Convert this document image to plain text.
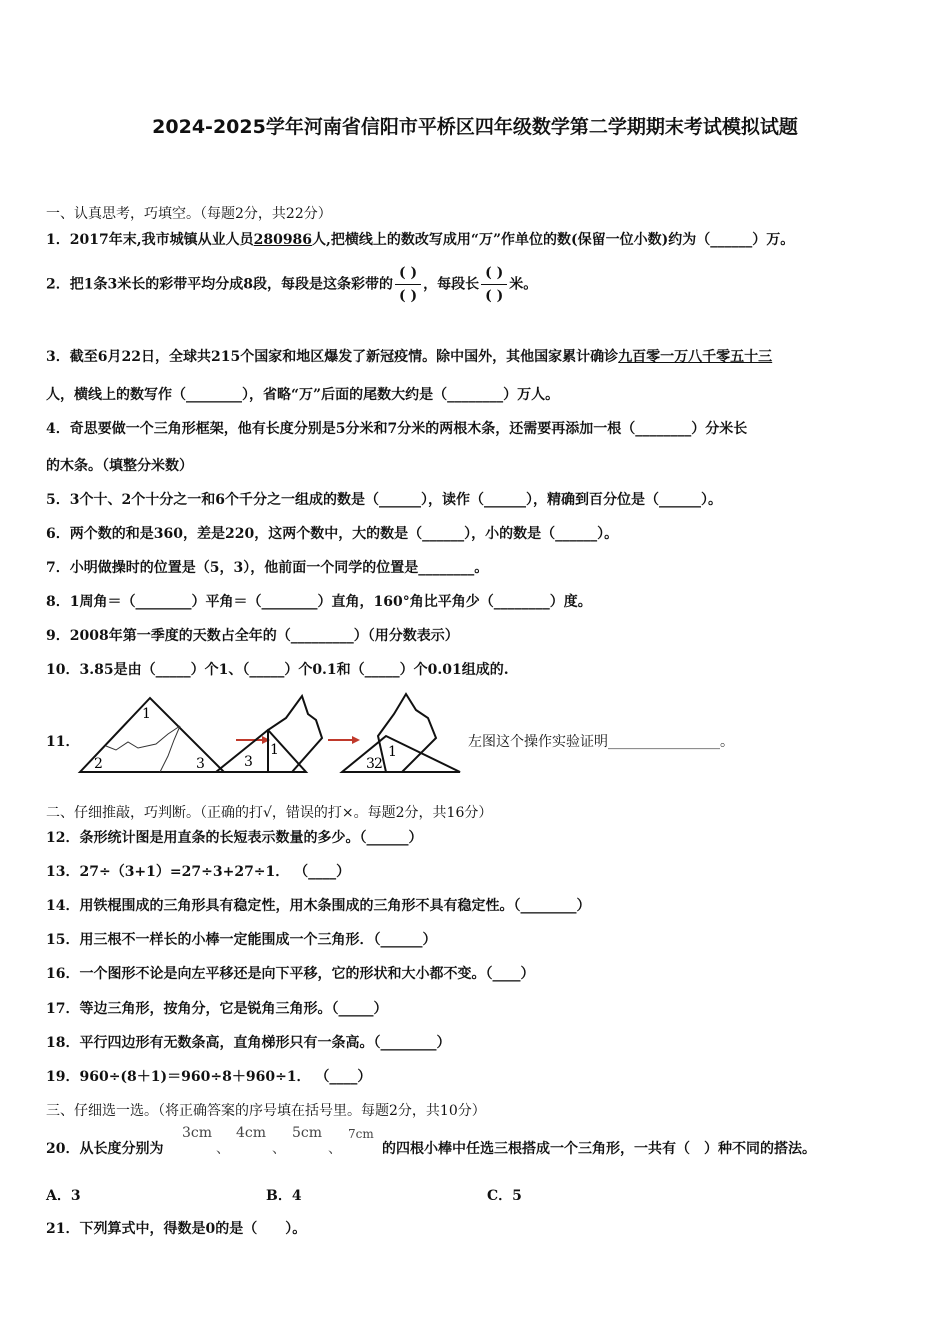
2024-2025学年河南省信阳市平桥区四年级数学第二学期期末考试模拟试题
一、认真思考，巧填空。（每题2分，共22分）
1．2017年末,我市城镇从业人员280986人,把横线上的数改写成用“万”作单位的数(保留一位小数)约为（______）万。
2．把1条3米长的彩带平均分成8段，每段是这条彩带的 $\frac{( )}{( )}$ ，每段长 $\frac{( )}{( )}$ 米。
3．截至6月22日，全球共215个国家和地区爆发了新冠疫情。除中国外，其他国家累计确诊九百零一万八千零五十三
人，横线上的数写作（________），省略“万”后面的尾数大约是（________）万人。
4．奇思要做一个三角形框架，他有长度分别是5分米和7分米的两根木条，还需要再添加一根（________）分米长
的木条。（填整分米数）
5．3个十、2个十分之一和6个千分之一组成的数是（______），读作（______），精确到百分位是（______）。
6．两个数的和是360，差是220，这两个数中，大的数是（______），小的数是（______）。
7．小明做操时的位置是（5，3），他前面一个同学的位置是________。
8．1周角＝（________）平角＝（________）直角，160°角比平角少（________）度。
9．2008年第一季度的天数占全年的（_________）（用分数表示）
10．3.85是由（_____）个1、（_____）个0.1和（_____）个0.01组成的.
11．
1
2	3	3
1
3
1
2
左图这个操作实验证明________________。
二、仔细推敲，巧判断。（正确的打√，错误的打×。每题2分，共16分）
12．条形统计图是用直条的长短表示数量的多少。（______）
13．27÷（3+1）=27÷3+27÷1． （____）
14．用铁棍围成的三角形具有稳定性，用木条围成的三角形不具有稳定性。（________）
15．用三根不一样长的小棒一定能围成一个三角形．（______）
16．一个图形不论是向左平移还是向下平移，它的形状和大小都不变。（____）
17．等边三角形，按角分，它是锐角三角形。（_____）
18．平行四边形有无数条高，直角梯形只有一条高。（________）
19．960÷(8＋1)＝960÷8＋960÷1． （____）
三、仔细选一选。（将正确答案的序号填在括号里。每题2分，共10分）
20．从长度分别为
3cm
、
4cm
、
5cm
、
7cm
的四根小棒中任选三根搭成一个三角形，一共有（　）种不同的搭法。
A．3	B．4	C．5
21．下列算式中，得数是0的是（　　）。
